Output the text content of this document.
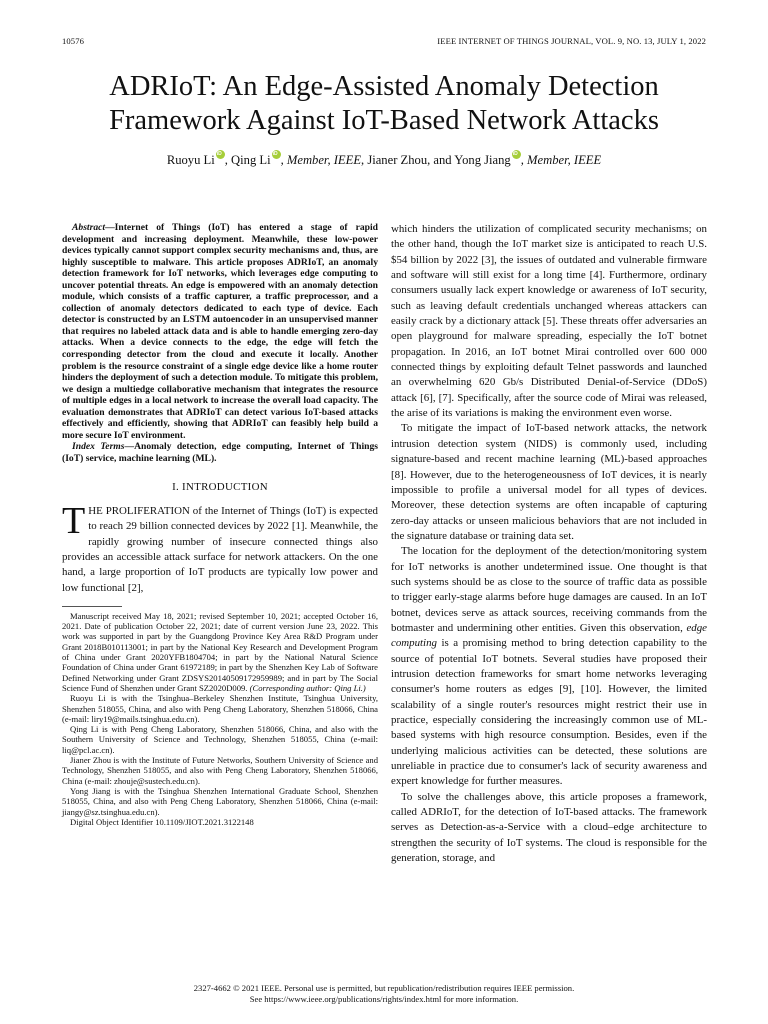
10576	IEEE INTERNET OF THINGS JOURNAL, VOL. 9, NO. 13, JULY 1, 2022
ADRIoT: An Edge-Assisted Anomaly Detection
Framework Against IoT-Based Network Attacks
Ruoyu Li iD , Qing Li iD , Member, IEEE, Jianer Zhou, and Yong Jiang iD , Member, IEEE

Abstract—Internet of Things (IoT) has entered a stage of rapid development and increasing deployment. Meanwhile, these low-power devices typically cannot support complex security mechanisms and, thus, are highly susceptible to malware. This article proposes ADRIoT, an anomaly detection framework for IoT networks, which leverages edge computing to uncover potential threats. An edge is empowered with an anomaly detection module, which consists of a traffic capturer, a traffic preprocessor, and a collection of anomaly detectors dedicated to each type of device. Each detector is constructed by an LSTM autoencoder in an unsupervised manner that requires no labeled attack data and is able to handle emerging zero-day attacks. When a device connects to the edge, the edge will fetch the corresponding detector from the cloud and execute it locally. Another problem is the resource constraint of a single edge device like a home router hinders the deployment of such a detection module. To mitigate this problem, we design a multiedge collaborative mechanism that integrates the resource of multiple edges in a local network to increase the overall load capacity. The evaluation demonstrates that ADRIoT can detect various IoT-based attacks effectively and efficiently, showing that ADRIoT can feasibly help build a more secure IoT environment.

Index Terms—Anomaly detection, edge computing, Internet of Things (IoT) service, machine learning (ML).

I. INTRODUCTION

THE PROLIFERATION of the Internet of Things (IoT) is expected to reach 29 billion connected devices by 2022 [1]. Meanwhile, the rapidly growing number of insecure connected things also provides an accessible attack surface for network attackers. On the one hand, a large proportion of IoT products are typically low power and low functional [2],

Manuscript received May 18, 2021; revised September 10, 2021; accepted October 16, 2021. Date of publication October 22, 2021; date of current version June 23, 2022. This work was supported in part by the Guangdong Province Key Area R&D Program under Grant 2018B010113001; in part by the National Key Research and Development Program of China under Grant 2020YFB1804704; in part by the National Natural Science Foundation of China under Grant 61972189; in part by the Shenzhen Key Lab of Software Defined Networking under Grant ZDSYS20140509172959989; and in part by The Social Science Fund of Shenzhen under Grant SZ2020D009. (Corresponding author: Qing Li.)

Ruoyu Li is with the Tsinghua–Berkeley Shenzhen Institute, Tsinghua University, Shenzhen 518055, China, and also with Peng Cheng Laboratory, Shenzhen 518066, China (e-mail: liry19@mails.tsinghua.edu.cn).

Qing Li is with Peng Cheng Laboratory, Shenzhen 518066, China, and also with the Southern University of Science and Technology, Shenzhen 518055, China (e-mail: liq@pcl.ac.cn).

Jianer Zhou is with the Institute of Future Networks, Southern University of Science and Technology, Shenzhen 518055, and also with Peng Cheng Laboratory, Shenzhen 518066, China (e-mail: zhouje@sustech.edu.cn).

Yong Jiang is with the Tsinghua Shenzhen International Graduate School, Shenzhen 518055, China, and also with Peng Cheng Laboratory, Shenzhen 518066, China (e-mail: jiangy@sz.tsinghua.edu.cn).

Digital Object Identifier 10.1109/JIOT.2021.3122148

which hinders the utilization of complicated security mechanisms; on the other hand, though the IoT market size is anticipated to reach U.S. $54 billion by 2022 [3], the issues of outdated and vulnerable firmware and software will still exist for a long time [4]. Furthermore, ordinary consumers usually lack expert knowledge or awareness of IoT security, such as leaving default credentials unchanged whereas attackers can easily crack by a dictionary attack [5]. These threats offer adversaries an open playground for malware spreading, especially the IoT botnet propagation. In 2016, an IoT botnet Mirai controlled over 600 000 connected things by exploiting default Telnet passwords and launched an overwhelming 620 Gb/s Distributed Denial-of-Service (DDoS) attack [6], [7]. Specifically, after the source code of Mirai was released, the arise of its variations is making the environment even worse.

To mitigate the impact of IoT-based network attacks, the network intrusion detection system (NIDS) is commonly used, including signature-based and recent machine learning (ML)-based approaches [8]. However, due to the heterogeneousness of IoT devices, it is nearly impossible to profile a universal model for all types of devices. Moreover, these detection systems are often incapable of capturing zero-day attacks or unseen malicious behaviors that are not included in the signature database or training data set.

The location for the deployment of the detection/monitoring system for IoT networks is another undetermined issue. One thought is that such systems should be as close to the source of traffic data as possible to trigger early-stage alarms before huge damages are caused. In an IoT botnet, devices serve as attack sources, receiving commands from the botmaster and undermining other entities. Given this observation, edge computing is a promising method to bring detection capability to the source of potential IoT botnets. Several studies have proposed their intrusion detection frameworks for smart home networks leveraging consumer's home routers as edges [9], [10]. However, the limited scalability of a single router's resources might restrict their use in practice, especially considering the increasingly common use of ML-based systems with high resource consumption. Besides, even if the underlying malicious activities can be detected, these solutions are unreliable in practice due to consumer's lack of security awareness and expert knowledge for further measures.

To solve the challenges above, this article proposes a framework, called ADRIoT, for the detection of IoT-based attacks. The framework serves as Detection-as-a-Service with a cloud–edge architecture to strengthen the security of IoT systems. The cloud is responsible for the generation, storage, and

2327-4662 © 2021 IEEE. Personal use is permitted, but republication/redistribution requires IEEE permission.
See https://www.ieee.org/publications/rights/index.html for more information.
